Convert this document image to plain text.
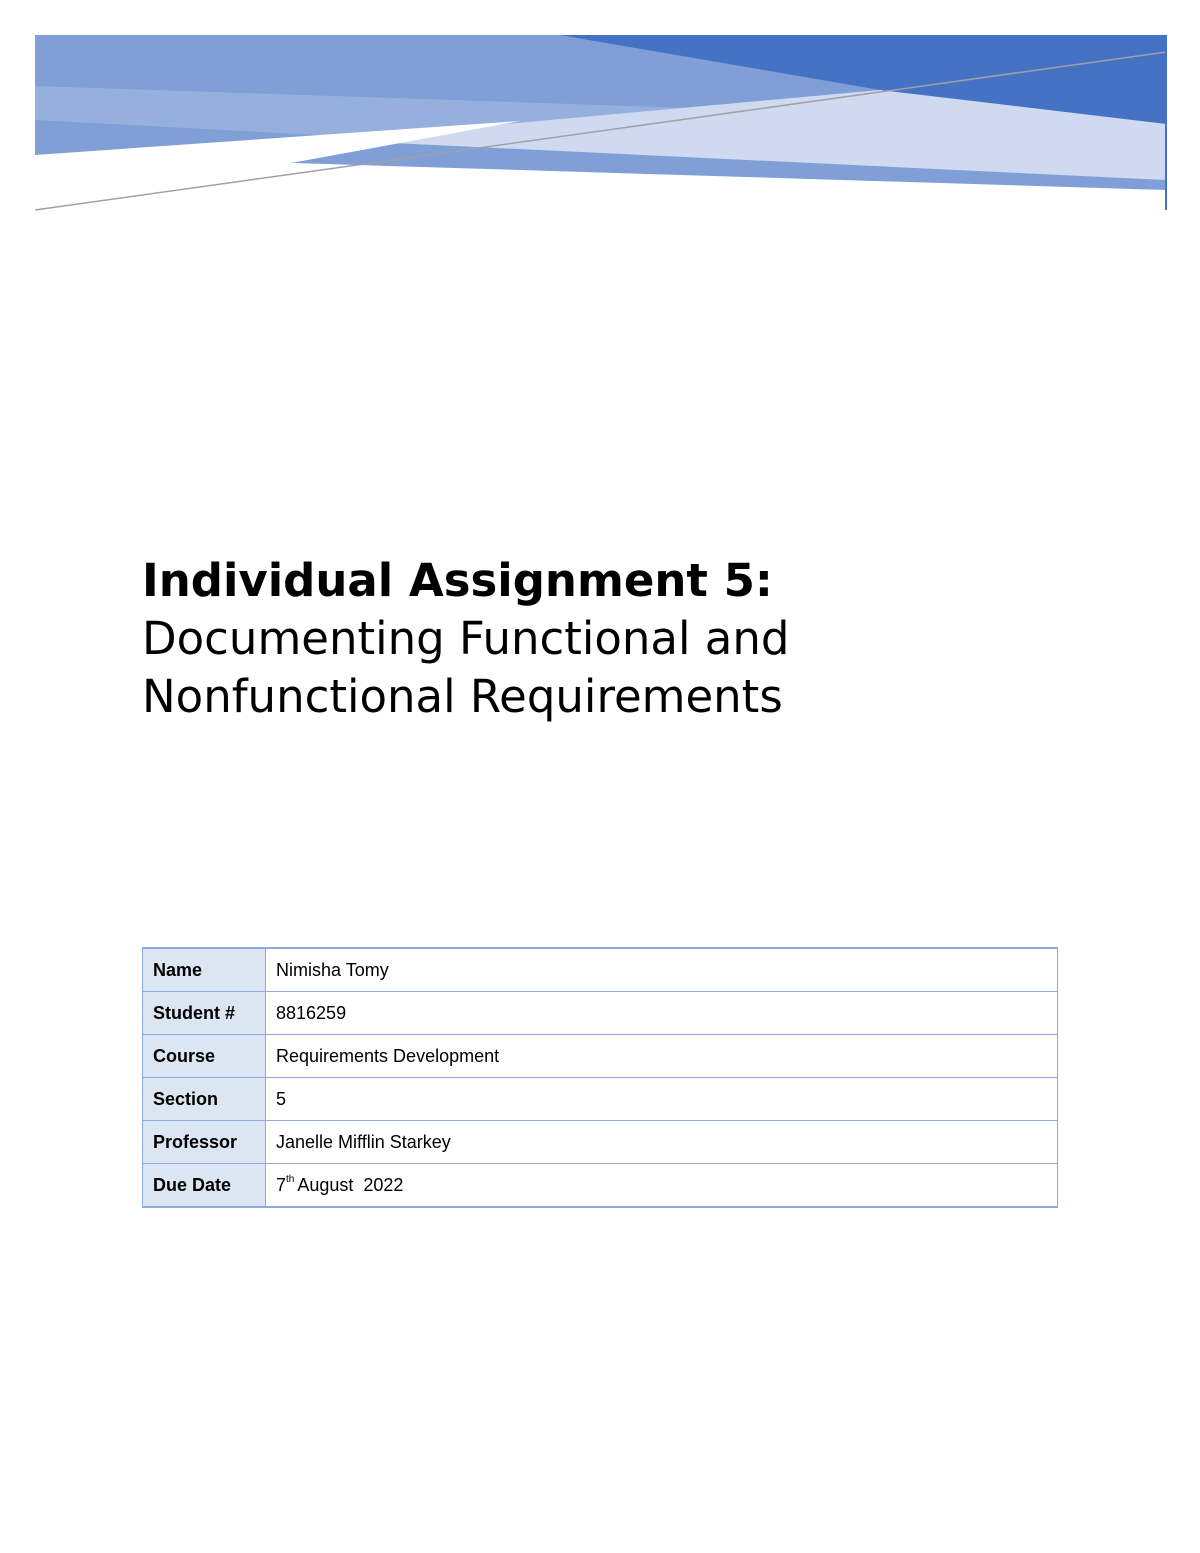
Individual Assignment 5:

Documenting Functional and
Nonfunctional Requirements

Name	Nimisha Tomy
Student #	8816259
Course	Requirements Development
Section	5
Professor	Janelle Mifflin Starkey
Due Date	7th August  2022
